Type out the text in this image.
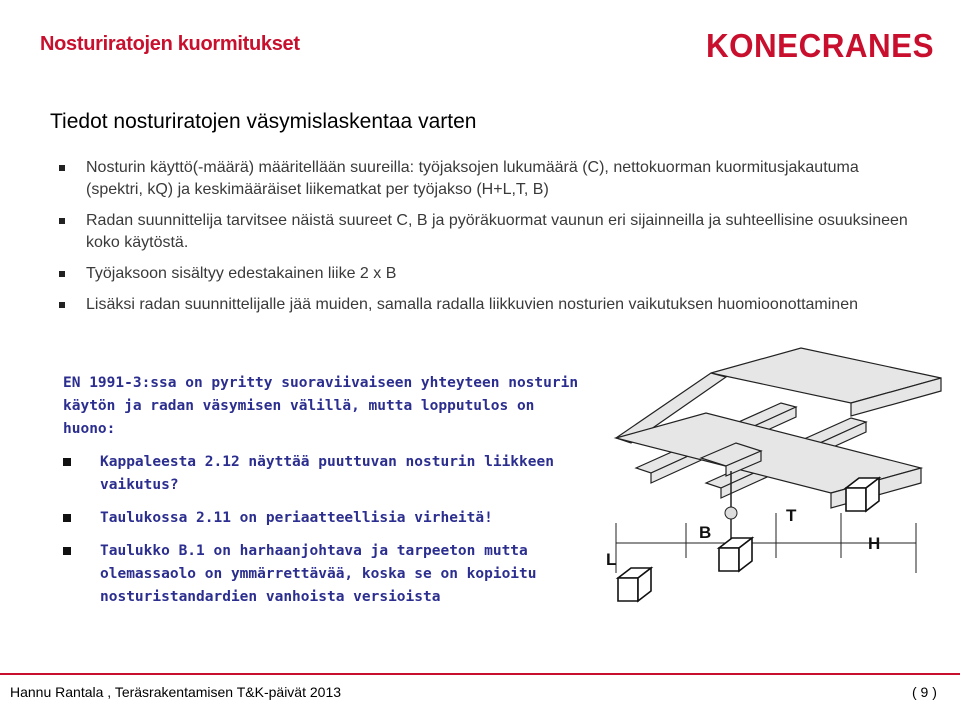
Nosturiratojen kuormitukset	KONECRANES
Tiedot nosturiratojen väsymislaskentaa varten
Nosturin käyttö(-määrä) määritellään suureilla: työjaksojen lukumäärä (C), nettokuorman kuormitusjakautuma (spektri, kQ) ja keskimääräiset liikematkat per työjakso (H+L,T, B)
Radan suunnittelija tarvitsee näistä suureet C, B ja pyöräkuormat vaunun eri sijainneilla ja suhteellisine osuuksineen koko käytöstä.
Työjaksoon sisältyy edestakainen liike 2 x B
Lisäksi radan suunnittelijalle jää muiden, samalla radalla liikkuvien nosturien vaikutuksen huomioonottaminen
EN 1991-3:ssa on pyritty suoraviivaiseen yhteyteen nosturin käytön ja radan väsymisen välillä, mutta lopputulos on huono:
Kappaleesta 2.12 näyttää puuttuvan nosturin liikkeen vaikutus?
Taulukossa 2.11 on periaatteellisia virheitä!
Taulukko B.1 on harhaanjohtava ja tarpeeton mutta olemassaolo on ymmärrettävää, koska se on kopioitu nosturistandardien vanhoista versioista
L
B
T
H
Hannu Rantala , Teräsrakentamisen T&K-päivät 2013	( 9 )
